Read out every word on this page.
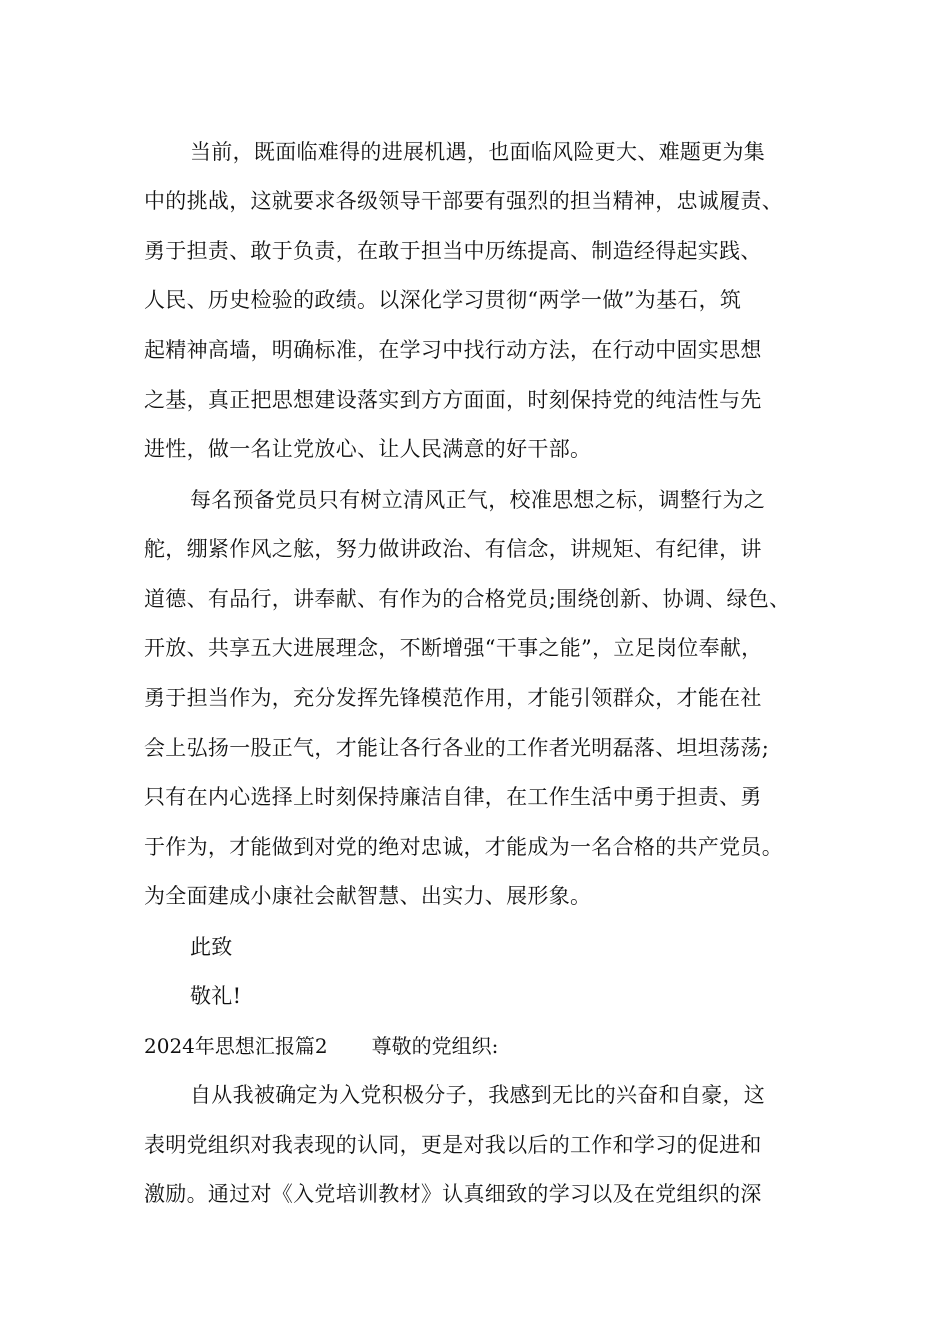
当前，既面临难得的进展机遇，也面临风险更大、难题更为集
中的挑战，这就要求各级领导干部要有强烈的担当精神，忠诚履责、
勇于担责、敢于负责，在敢于担当中历练提高、制造经得起实践、
人民、历史检验的政绩。以深化学习贯彻“两学一做”为基石，筑
起精神高墙，明确标准，在学习中找行动方法，在行动中固实思想
之基，真正把思想建设落实到方方面面，时刻保持党的纯洁性与先
进性，做一名让党放心、让人民满意的好干部。
每名预备党员只有树立清风正气，校准思想之标，调整行为之
舵，绷紧作风之舷，努力做讲政治、有信念，讲规矩、有纪律，讲
道德、有品行，讲奉献、有作为的合格党员;围绕创新、协调、绿色、
开放、共享五大进展理念，不断增强“干事之能”，立足岗位奉献，
勇于担当作为，充分发挥先锋模范作用，才能引领群众，才能在社
会上弘扬一股正气，才能让各行各业的工作者光明磊落、坦坦荡荡;
只有在内心选择上时刻保持廉洁自律，在工作生活中勇于担责、勇
于作为，才能做到对党的绝对忠诚，才能成为一名合格的共产党员。
为全面建成小康社会献智慧、出实力、展形象。
此致
敬礼!
2024年思想汇报篇2 尊敬的党组织:
自从我被确定为入党积极分子，我感到无比的兴奋和自豪，这
表明党组织对我表现的认同，更是对我以后的工作和学习的促进和
激励。通过对《入党培训教材》认真细致的学习以及在党组织的深
